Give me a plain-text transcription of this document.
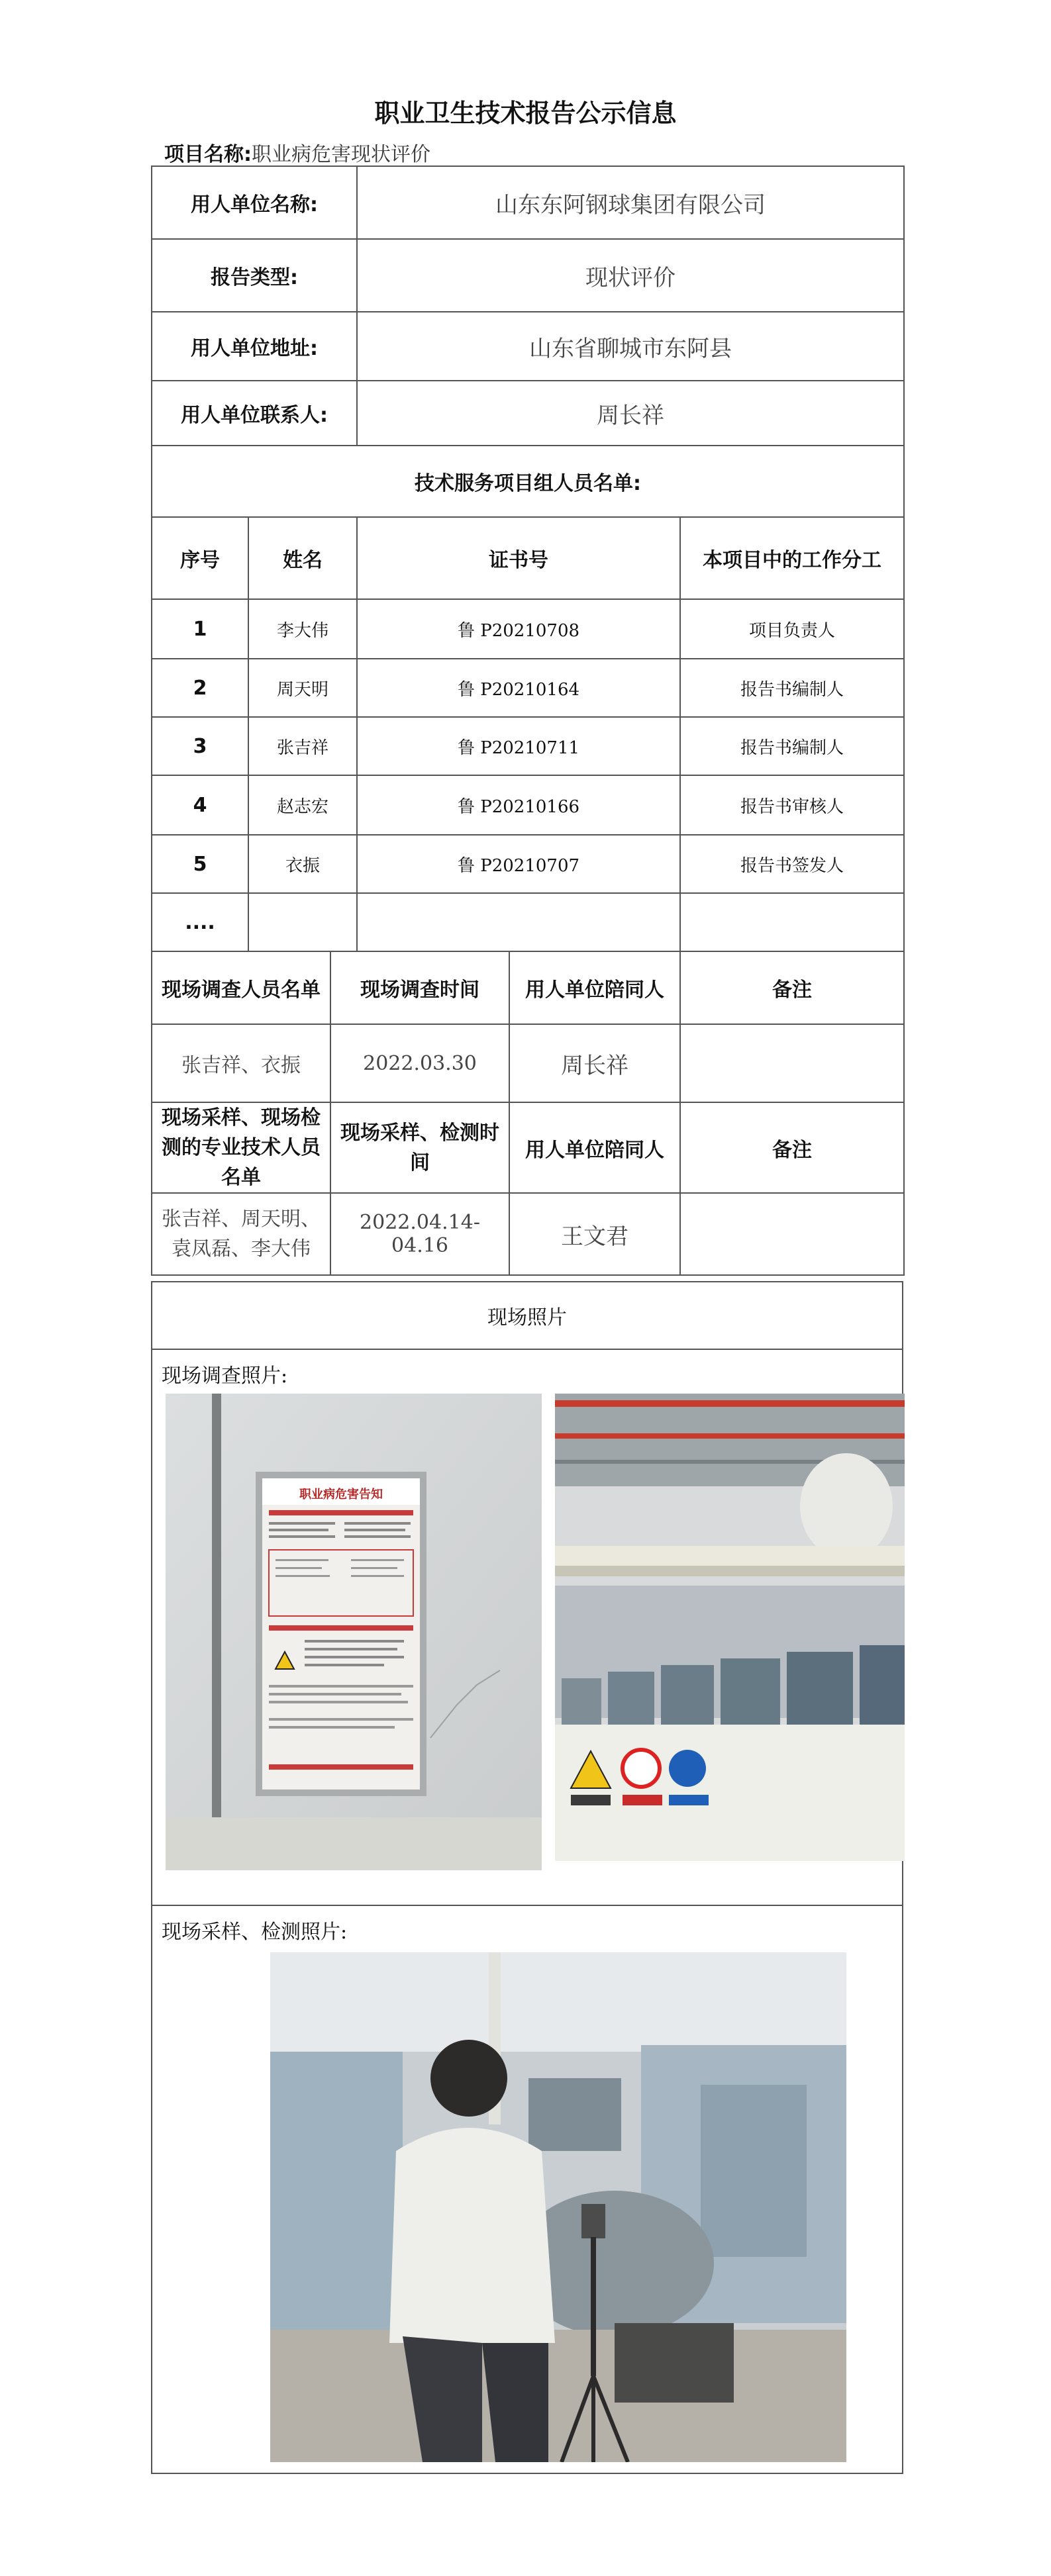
职业卫生技术报告公示信息
项目名称:职业病危害现状评价
用人单位名称:			山东东阿钢球集团有限公司		
报告类型:			现状评价		
用人单位地址:			山东省聊城市东阿县		
用人单位联系人:			周长祥		
技术服务项目组人员名单:					
序号	姓名		证书号		本项目中的工作分工
1	李大伟		鲁 P20210708		项目负责人
2	周天明		鲁 P20210164		报告书编制人
3	张吉祥		鲁 P20210711		报告书编制人
4	赵志宏		鲁 P20210166		报告书审核人
5	衣振		鲁 P20210707		报告书签发人
....					
现场调查人员名单		现场调查时间		用人单位陪同人	备注
张吉祥、衣振		2022.03.30		周长祥	
现场采样、现场检测的专业技术人员名单		现场采样、检测时间		用人单位陪同人	备注
张吉祥、周天明、袁凤磊、李大伟		2022.04.14-04.16		王文君	
现场照片
现场调查照片:
职业病危害告知
现场采样、检测照片:
